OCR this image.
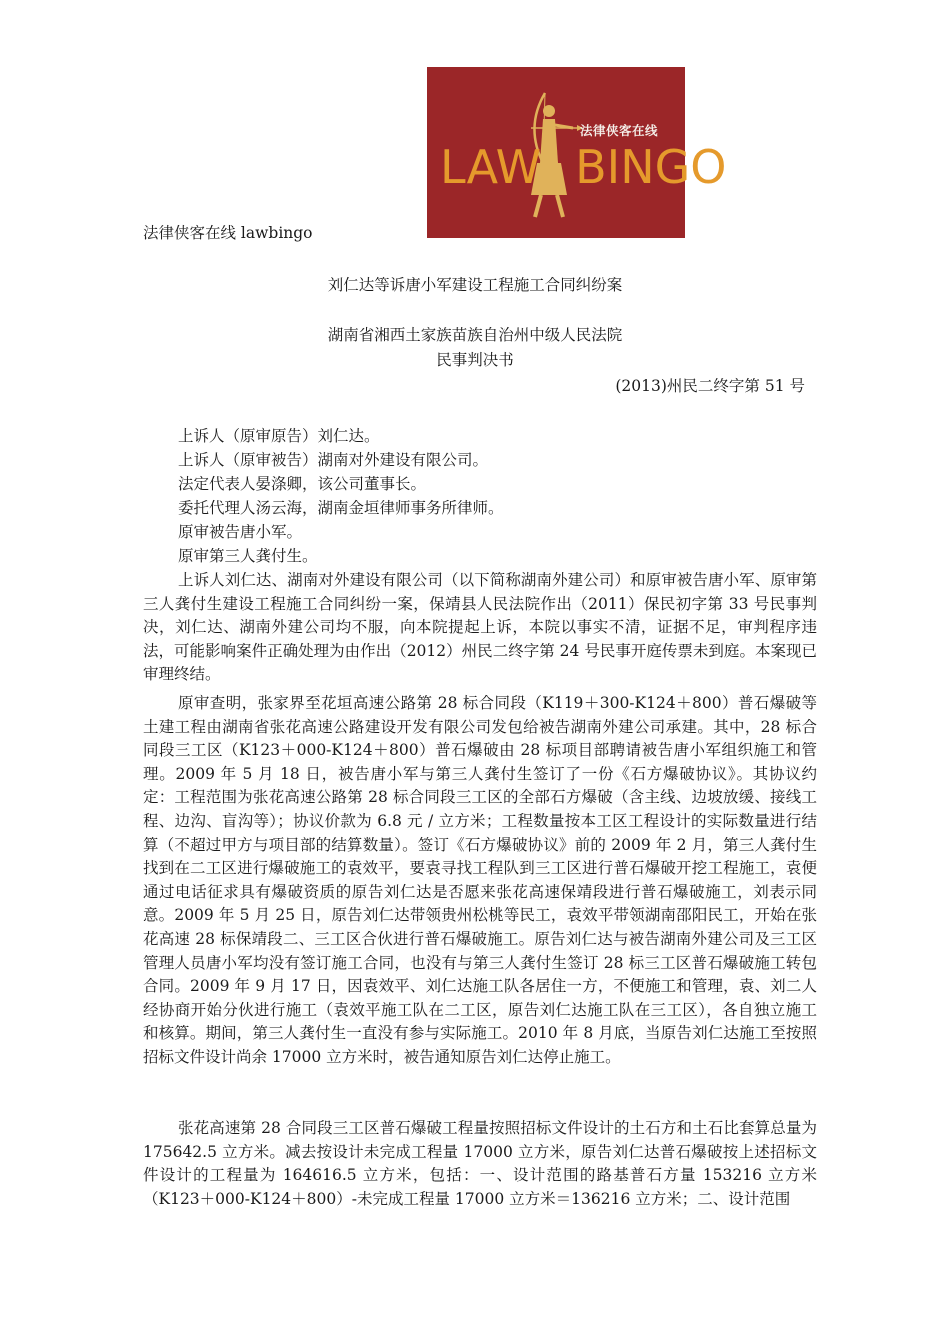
法律侠客在线
LAW BINGO
法律侠客在线 lawbingo
刘仁达等诉唐小军建设工程施工合同纠纷案
湖南省湘西土家族苗族自治州中级人民法院
民事判决书
(2013)州民二终字第 51 号
上诉人（原审原告）刘仁达。
上诉人（原审被告）湖南对外建设有限公司。
法定代表人晏涤卿，该公司董事长。
委托代理人汤云海，湖南金垣律师事务所律师。
原审被告唐小军。
原审第三人龚付生。
上诉人刘仁达、湖南对外建设有限公司（以下简称湖南外建公司）和原审被告唐小军、原审第三人龚付生建设工程施工合同纠纷一案，保靖县人民法院作出（2011）保民初字第 33 号民事判决，刘仁达、湖南外建公司均不服，向本院提起上诉，本院以事实不清，证据不足，审判程序违法，可能影响案件正确处理为由作出（2012）州民二终字第 24 号民事开庭传票未到庭。本案现已审理终结。
原审查明，张家界至花垣高速公路第 28 标合同段（K119＋300-K124＋800）普石爆破等土建工程由湖南省张花高速公路建设开发有限公司发包给被告湖南外建公司承建。其中，28 标合同段三工区（K123＋000-K124＋800）普石爆破由 28 标项目部聘请被告唐小军组织施工和管理。2009 年 5 月 18 日，被告唐小军与第三人龚付生签订了一份《石方爆破协议》。其协议约定：工程范围为张花高速公路第 28 标合同段三工区的全部石方爆破（含主线、边坡放缓、接线工程、边沟、盲沟等）；协议价款为 6.8 元 / 立方米；工程数量按本工区工程设计的实际数量进行结算（不超过甲方与项目部的结算数量）。签订《石方爆破协议》前的 2009 年 2 月，第三人龚付生找到在二工区进行爆破施工的袁效平，要袁寻找工程队到三工区进行普石爆破开挖工程施工，袁便通过电话征求具有爆破资质的原告刘仁达是否愿来张花高速保靖段进行普石爆破施工，刘表示同意。2009 年 5 月 25 日，原告刘仁达带领贵州松桃等民工，袁效平带领湖南邵阳民工，开始在张花高速 28 标保靖段二、三工区合伙进行普石爆破施工。原告刘仁达与被告湖南外建公司及三工区管理人员唐小军均没有签订施工合同，也没有与第三人龚付生签订 28 标三工区普石爆破施工转包合同。2009 年 9 月 17 日，因袁效平、刘仁达施工队各居住一方，不便施工和管理，袁、刘二人经协商开始分伙进行施工（袁效平施工队在二工区，原告刘仁达施工队在三工区），各自独立施工和核算。期间，第三人龚付生一直没有参与实际施工。2010 年 8 月底，当原告刘仁达施工至按照招标文件设计尚余 17000 立方米时，被告通知原告刘仁达停止施工。
张花高速第 28 合同段三工区普石爆破工程量按照招标文件设计的土石方和土石比套算总量为 175642.5 立方米。减去按设计未完成工程量 17000 立方米，原告刘仁达普石爆破按上述招标文件设计的工程量为 164616.5 立方米，包括：一、设计范围的路基普石方量 153216 立方米（K123＋000-K124＋800）-未完成工程量 17000 立方米＝136216 立方米；二、设计范围
